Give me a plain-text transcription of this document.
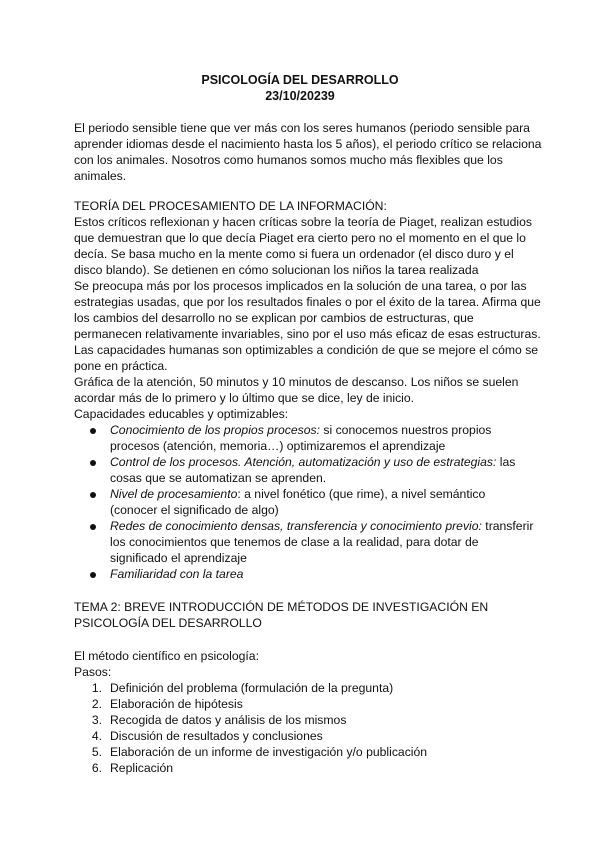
PSICOLOGÍA DEL DESARROLLO
23/10/20239

El periodo sensible tiene que ver más con los seres humanos (periodo sensible para aprender idiomas desde el nacimiento hasta los 5 años), el periodo crítico se relaciona con los animales. Nosotros como humanos somos mucho más flexibles que los animales.

TEORÍA DEL PROCESAMIENTO DE LA INFORMACIÓN:

Estos críticos reflexionan y hacen críticas sobre la teoría de Piaget, realizan estudios que demuestran que lo que decía Piaget era cierto pero no el momento en el que lo decía. Se basa mucho en la mente como si fuera un ordenador (el disco duro y el disco blando). Se detienen en cómo solucionan los niños la tarea realizada

Se preocupa más por los procesos implicados en la solución de una tarea, o por las estrategias usadas, que por los resultados finales o por el éxito de la tarea. Afirma que los cambios del desarrollo no se explican por cambios de estructuras, que permanecen relativamente invariables, sino por el uso más eficaz de esas estructuras. Las capacidades humanas son optimizables a condición de que se mejore el cómo se pone en práctica.

Gráfica de la atención, 50 minutos y 10 minutos de descanso. Los niños se suelen acordar más de lo primero y lo último que se dice, ley de inicio.

Capacidades educables y optimizables:
Conocimiento de los propios procesos: si conocemos nuestros propios procesos (atención, memoria…) optimizaremos el aprendizaje
Control de los procesos. Atención, automatización y uso de estrategias: las cosas que se automatizan se aprenden.
Nivel de procesamiento: a nivel fonético (que rime), a nivel semántico (conocer el significado de algo)
Redes de conocimiento densas, transferencia y conocimiento previo: transferir los conocimientos que tenemos de clase a la realidad, para dotar de significado el aprendizaje
Familiaridad con la tarea

TEMA 2: BREVE INTRODUCCIÓN DE MÉTODOS DE INVESTIGACIÓN EN PSICOLOGÍA DEL DESARROLLO

El método científico en psicología:
Pasos:
1. Definición del problema (formulación de la pregunta)
2. Elaboración de hipótesis
3. Recogida de datos y análisis de los mismos
4. Discusión de resultados y conclusiones
5. Elaboración de un informe de investigación y/o publicación
6. Replicación
